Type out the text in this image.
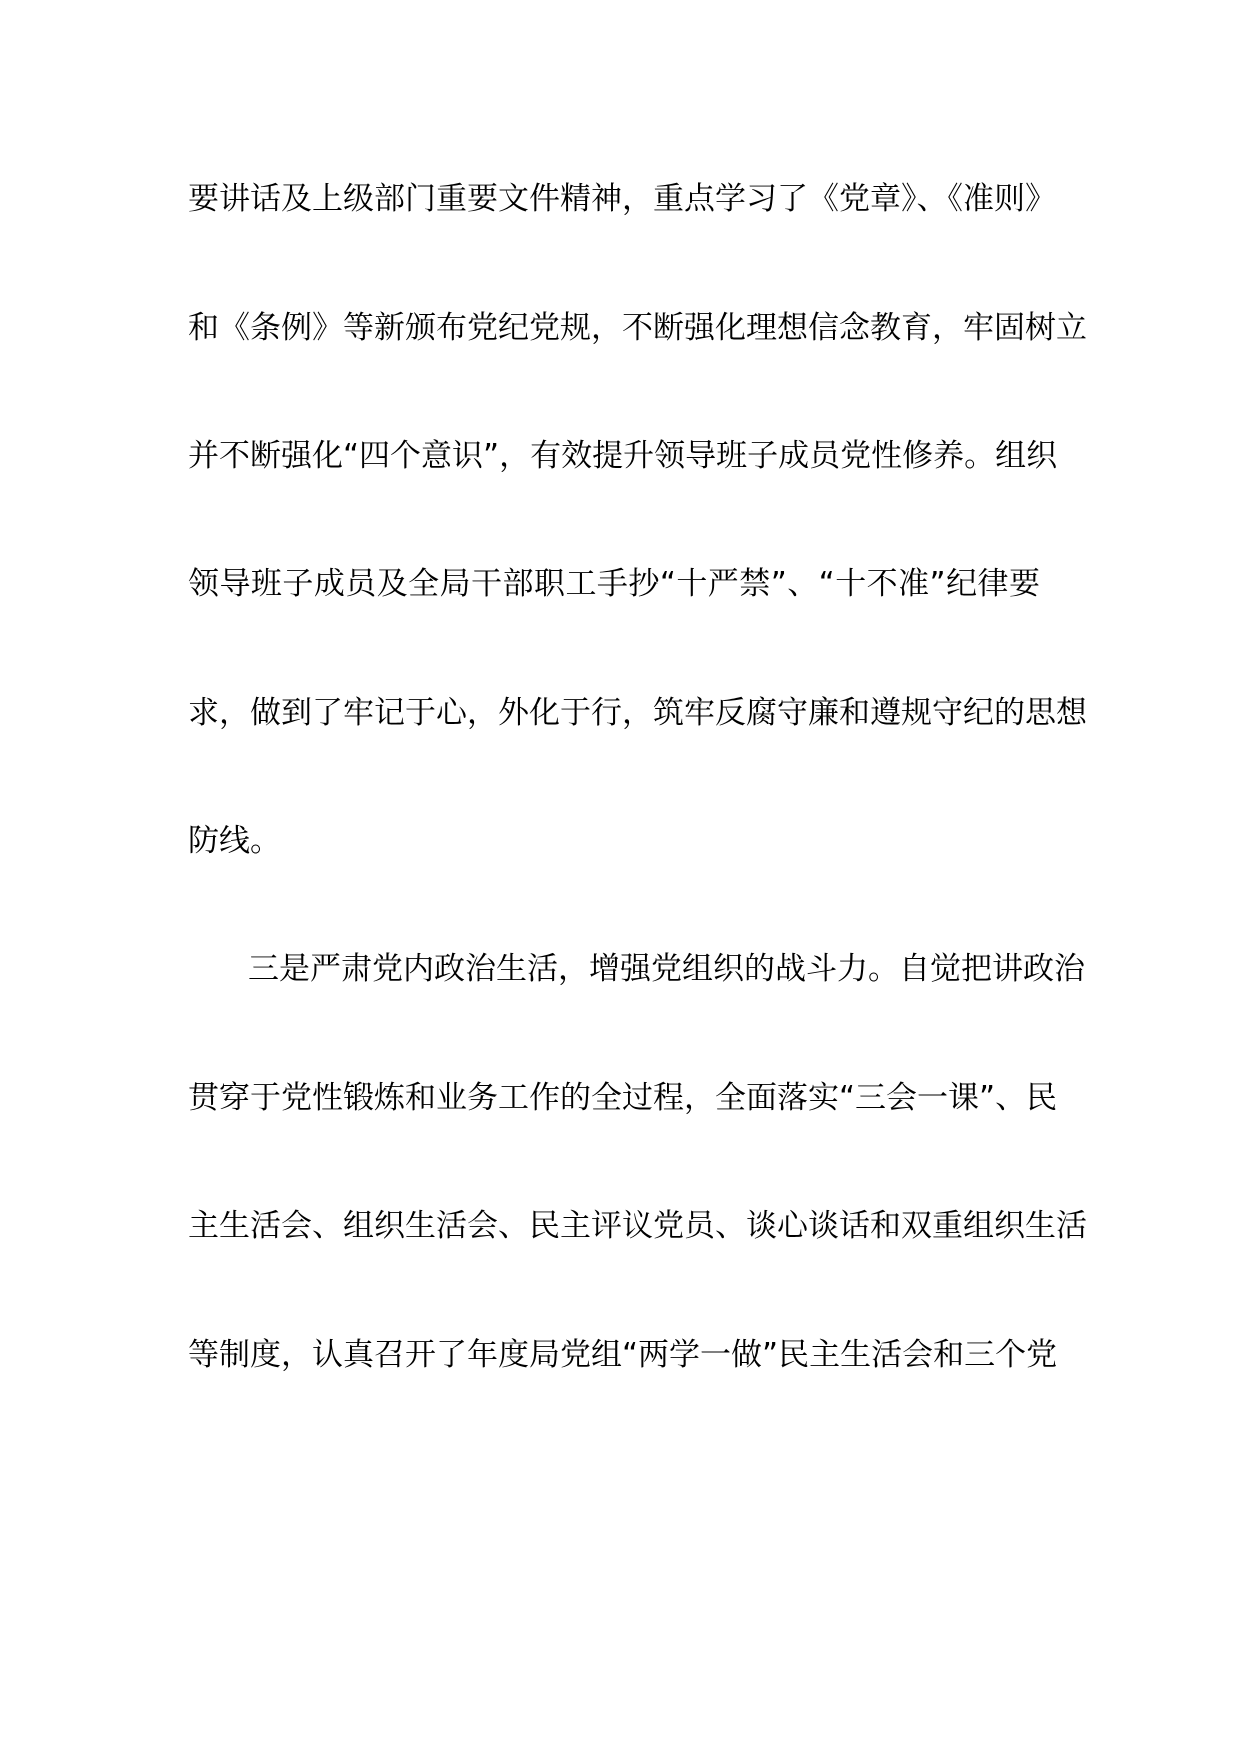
要讲话及上级部门重要文件精神，重点学习了《党章》、《准则》
和《条例》等新颁布党纪党规，不断强化理想信念教育，牢固树立
并不断强化“四个意识”，有效提升领导班子成员党性修养。组织
领导班子成员及全局干部职工手抄“十严禁”、“十不准”纪律要
求，做到了牢记于心，外化于行，筑牢反腐守廉和遵规守纪的思想
防线。
三是严肃党内政治生活，增强党组织的战斗力。自觉把讲政治
贯穿于党性锻炼和业务工作的全过程，全面落实“三会一课”、民
主生活会、组织生活会、民主评议党员、谈心谈话和双重组织生活
等制度，认真召开了年度局党组“两学一做”民主生活会和三个党
